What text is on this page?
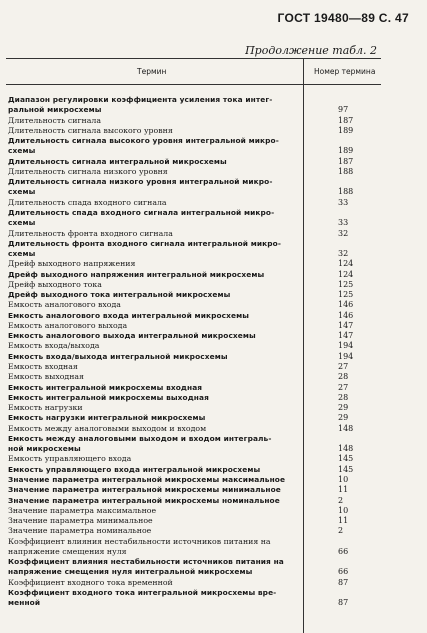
ГОСТ 19480—89 С. 47
Продолжение табл. 2
Термин	Номер термина
Диапазон регулировки коэффициента усиления тока интег-
ральной микросхемы	97
Длительность сигнала	187
Длительность сигнала высокого уровня	189
Длительность сигнала высокого уровня интегральной микро-
схемы	189
Длительность сигнала интегральной микросхемы	187
Длительность сигнала низкого уровня	188
Длительность сигнала низкого уровня интегральной микро-
схемы	188
Длительность спада входного сигнала	33
Длительность спада входного сигнала интегральной микро-
схемы	33
Длительность фронта входного сигнала	32
Длительность фронта входного сигнала интегральной микро-
схемы	32
Дрейф выходного напряжения	124
Дрейф выходного напряжения интегральной микросхемы	124
Дрейф выходного тока	125
Дрейф выходного тока интегральной микросхемы	125
Емкость аналогового входа	146
Емкость аналогового входа интегральной микросхемы	146
Емкость аналогового выхода	147
Емкость аналогового выхода интегральной микросхемы	147
Емкость входа/выхода	194
Емкость входа/выхода интегральной микросхемы	194
Емкость входная	27
Емкость выходная	28
Емкость интегральной микросхемы входная	27
Емкость интегральной микросхемы выходная	28
Емкость нагрузки	29
Емкость нагрузки интегральной микросхемы	29
Емкость между аналоговыми выходом и входом	148
Емкость между аналоговыми выходом и входом интеграль-
ной микросхемы	148
Емкость управляющего входа	145
Емкость управляющего входа интегральной микросхемы	145
Значение параметра интегральной микросхемы максимальное	10
Значение параметра интегральной микросхемы минимальное	11
Значение параметра интегральной микросхемы номинальное	2
Значение параметра максимальное	10
Значение параметра минимальное	11
Значение параметра номинальное	2
Коэффициент влияния нестабильности источников питания на
напряжение смещения нуля	66
Коэффициент влияния нестабильности источников питания на
напряжение смещения нуля интегральной микросхемы	66
Коэффициент входного тока временной	87
Коэффициент входного тока интегральной микросхемы вре-
менной	87
